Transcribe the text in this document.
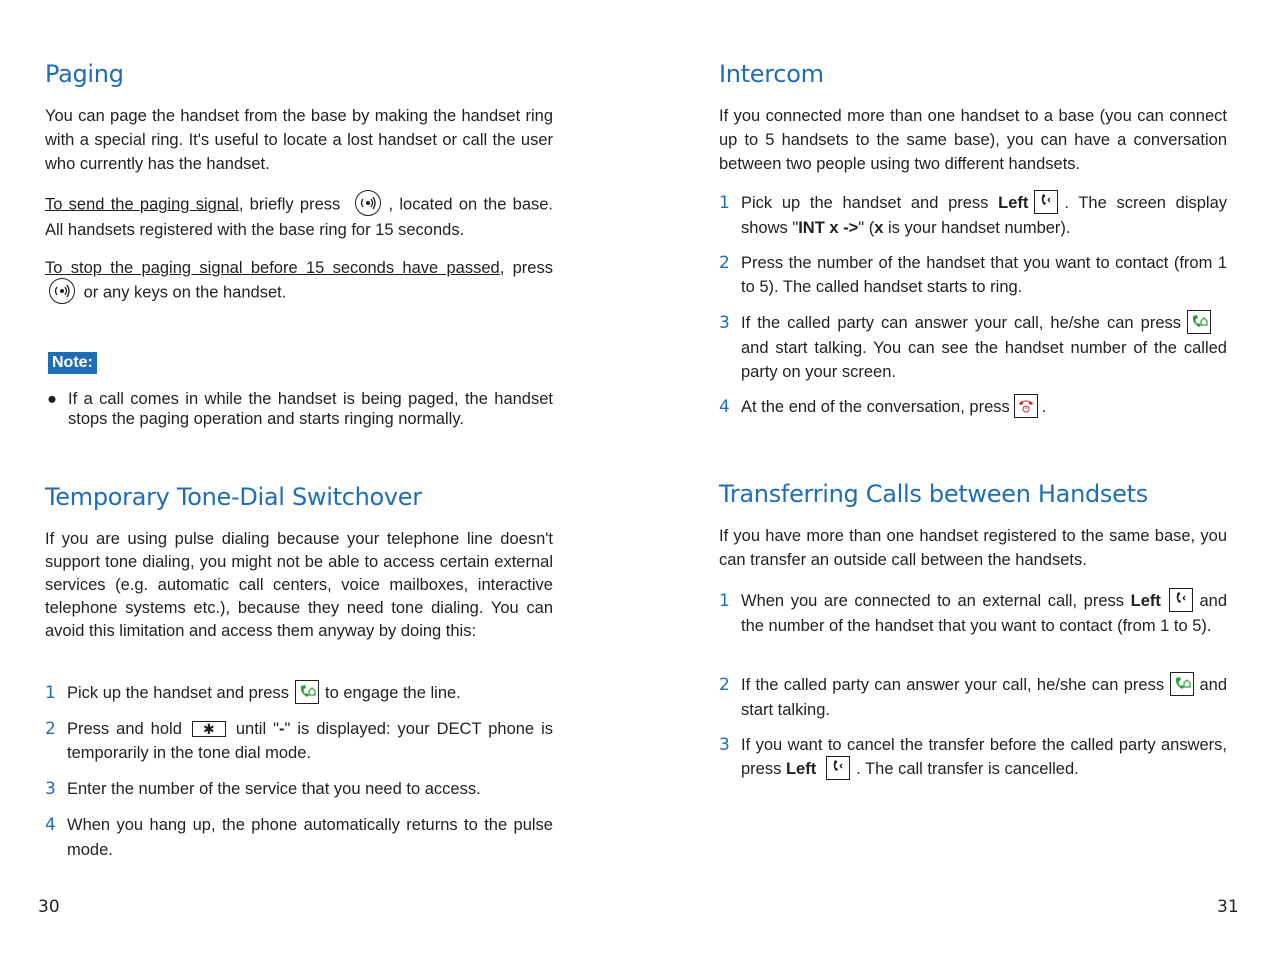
Paging

You can page the handset from the base by making the handset ring with a special ring. It's useful to locate a lost handset or call the user who currently has the handset.

To send the paging signal, briefly press	, located on the base. All handsets registered with the base ring for 15 seconds.

To stop the paging signal before 15 seconds have passed, press  or any keys on the handset.

Note:
● If a call comes in while the handset is being paged, the handset stops the paging operation and starts ringing normally.
Temporary Tone-Dial Switchover

If you are using pulse dialing because your telephone line doesn't support tone dialing, you might not be able to access certain external services (e.g. automatic call centers, voice mailboxes, interactive telephone systems etc.), because they need tone dialing. You can avoid this limitation and access them anyway by doing this:

1 Pick up the handset and press to engage the line.
2 Press and hold ✱ until "-" is displayed: your DECT phone is temporarily in the tone dial mode.
3 Enter the number of the service that you need to access.
4 When you hang up, the phone automatically returns to the pulse mode.
30
Intercom

If you connected more than one handset to a base (you can connect up to 5 handsets to the same base), you can have a conversation between two people using two different handsets.

1 Pick up the handset and press Left . The screen display shows "INT x ->" (x is your handset number).
2 Press the number of the handset that you want to contact (from 1 to 5). The called handset starts to ring.
3 If the called party can answer your call, he/she can pressand start talking. You can see the handset number of the called party on your screen.
4 At the end of the conversation, press .
Transferring Calls between Handsets

If you have more than one handset registered to the same base, you can transfer an outside call between the handsets.

1 When you are connected to an external call, press Left and the number of the handset that you want to contact (from 1 to 5).
2 If the called party can answer your call, he/she can press and start talking.
3 If you want to cancel the transfer before the called party answers, press Left . The call transfer is cancelled.
31
